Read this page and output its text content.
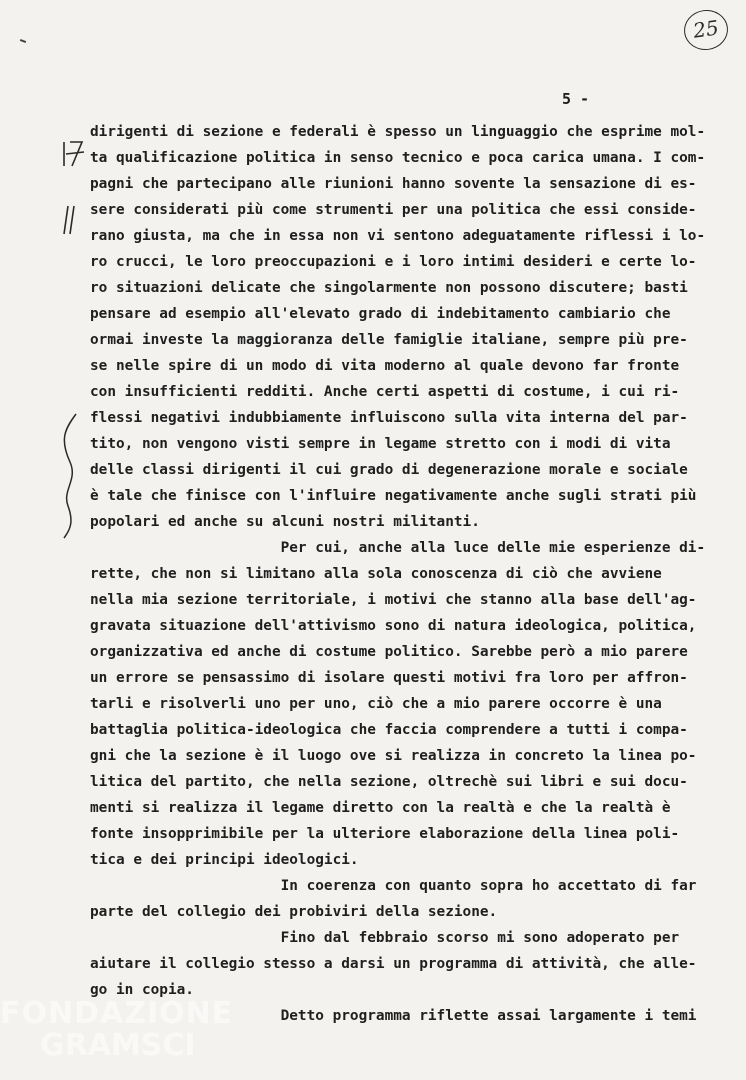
25
5 -
dirigenti di sezione e federali è spesso un linguaggio che esprime mol-
ta qualificazione politica in senso tecnico e poca carica umana. I com-
pagni che partecipano alle riunioni hanno sovente la sensazione di es-
sere considerati più come strumenti per una politica che essi conside-
rano giusta, ma che in essa non vi sentono adeguatamente riflessi i lo-
ro crucci, le loro preoccupazioni e i loro intimi desideri e certe lo-
ro situazioni delicate che singolarmente non possono discutere; basti
pensare ad esempio all'elevato grado di indebitamento cambiario che
ormai investe la maggioranza delle famiglie italiane, sempre più pre-
se nelle spire di un modo di vita moderno al quale devono far fronte
con insufficienti redditi. Anche certi aspetti di costume, i cui ri-
flessi negativi indubbiamente influiscono sulla vita interna del par-
tito, non vengono visti sempre in legame stretto con i modi di vita
delle classi dirigenti il cui grado di degenerazione morale e sociale
è tale che finisce con l'influire negativamente anche sugli strati più
popolari ed anche su alcuni nostri militanti.
Per cui, anche alla luce delle mie esperienze di-
rette, che non si limitano alla sola conoscenza di ciò che avviene
nella mia sezione territoriale, i motivi che stanno alla base dell'ag-
gravata situazione dell'attivismo sono di natura ideologica, politica,
organizzativa ed anche di costume politico. Sarebbe però a mio parere
un errore se pensassimo di isolare questi motivi fra loro per affron-
tarli e risolverli uno per uno, ciò che a mio parere occorre è una
battaglia politica-ideologica che faccia comprendere a tutti i compa-
gni che la sezione è il luogo ove si realizza in concreto la linea po-
litica del partito, che nella sezione, oltrechè sui libri e sui docu-
menti si realizza il legame diretto con la realtà e che la realtà è
fonte insopprimibile per la ulteriore elaborazione della linea poli-
tica e dei principi ideologici.
In coerenza con quanto sopra ho accettato di far
parte del collegio dei probiviri della sezione.
Fino dal febbraio scorso mi sono adoperato per
aiutare il collegio stesso a darsi un programma di attività, che alle-
go in copia.
Detto programma riflette assai largamente i temi
FONDAZIONE
GRAMSCI
